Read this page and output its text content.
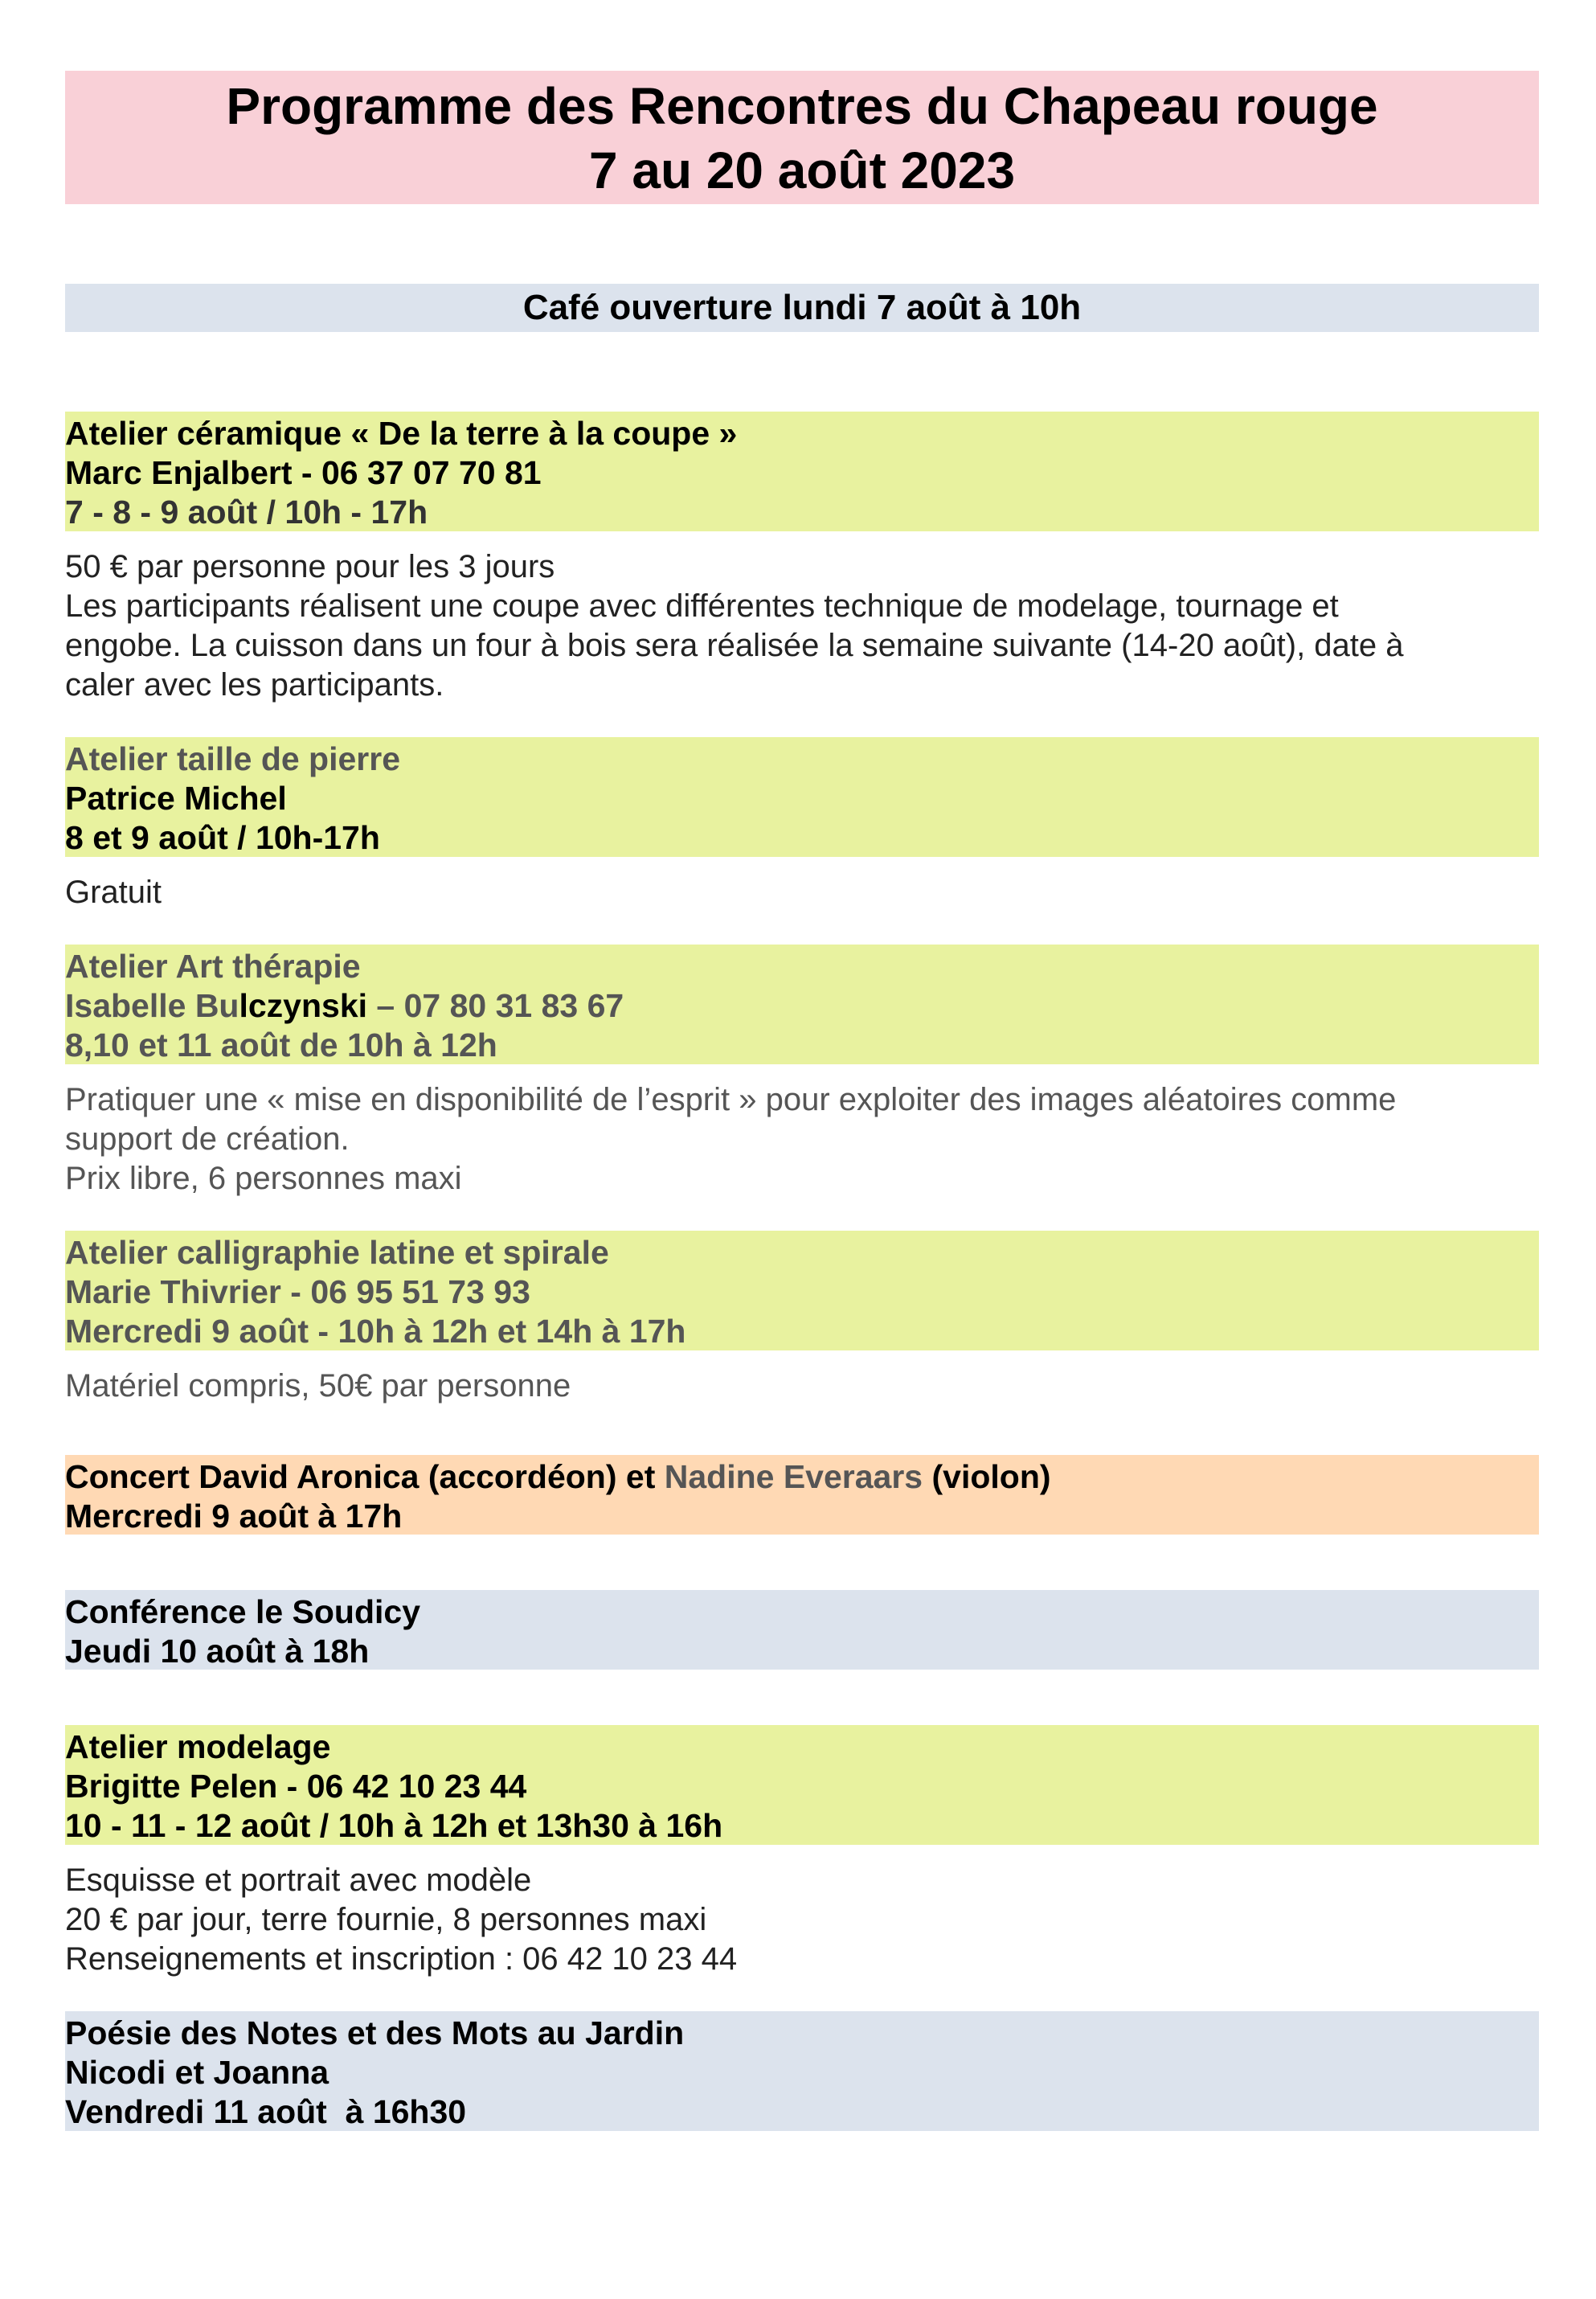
Programme des Rencontres du Chapeau rouge
7 au 20 août 2023
Café ouverture lundi 7 août à 10h
Atelier céramique « De la terre à la coupe »
Marc Enjalbert - 06 37 07 70 81
7 - 8 - 9 août / 10h - 17h
50 € par personne pour les 3 jours
Les participants réalisent une coupe avec différentes technique de modelage, tournage et
engobe. La cuisson dans un four à bois sera réalisée la semaine suivante (14-20 août), date à
caler avec les participants.
Atelier taille de pierre
Patrice Michel
8 et 9 août / 10h-17h
Gratuit
Atelier Art thérapie
Isabelle Bulczynski – 07 80 31 83 67
8,10 et 11 août de 10h à 12h
Pratiquer une « mise en disponibilité de l’esprit » pour exploiter des images aléatoires comme
support de création.
Prix libre, 6 personnes maxi
Atelier calligraphie latine et spirale
Marie Thivrier - 06 95 51 73 93
Mercredi 9 août - 10h à 12h et 14h à 17h
Matériel compris, 50€ par personne
Concert David Aronica (accordéon) et Nadine Everaars (violon)
Mercredi 9 août à 17h
Conférence le Soudicy
Jeudi 10 août à 18h
Atelier modelage
Brigitte Pelen - 06 42 10 23 44
10 - 11 - 12 août / 10h à 12h et 13h30 à 16h
Esquisse et portrait avec modèle
20 € par jour, terre fournie, 8 personnes maxi
Renseignements et inscription : 06 42 10 23 44
Poésie des Notes et des Mots au Jardin
Nicodi et Joanna
Vendredi 11 août  à 16h30
